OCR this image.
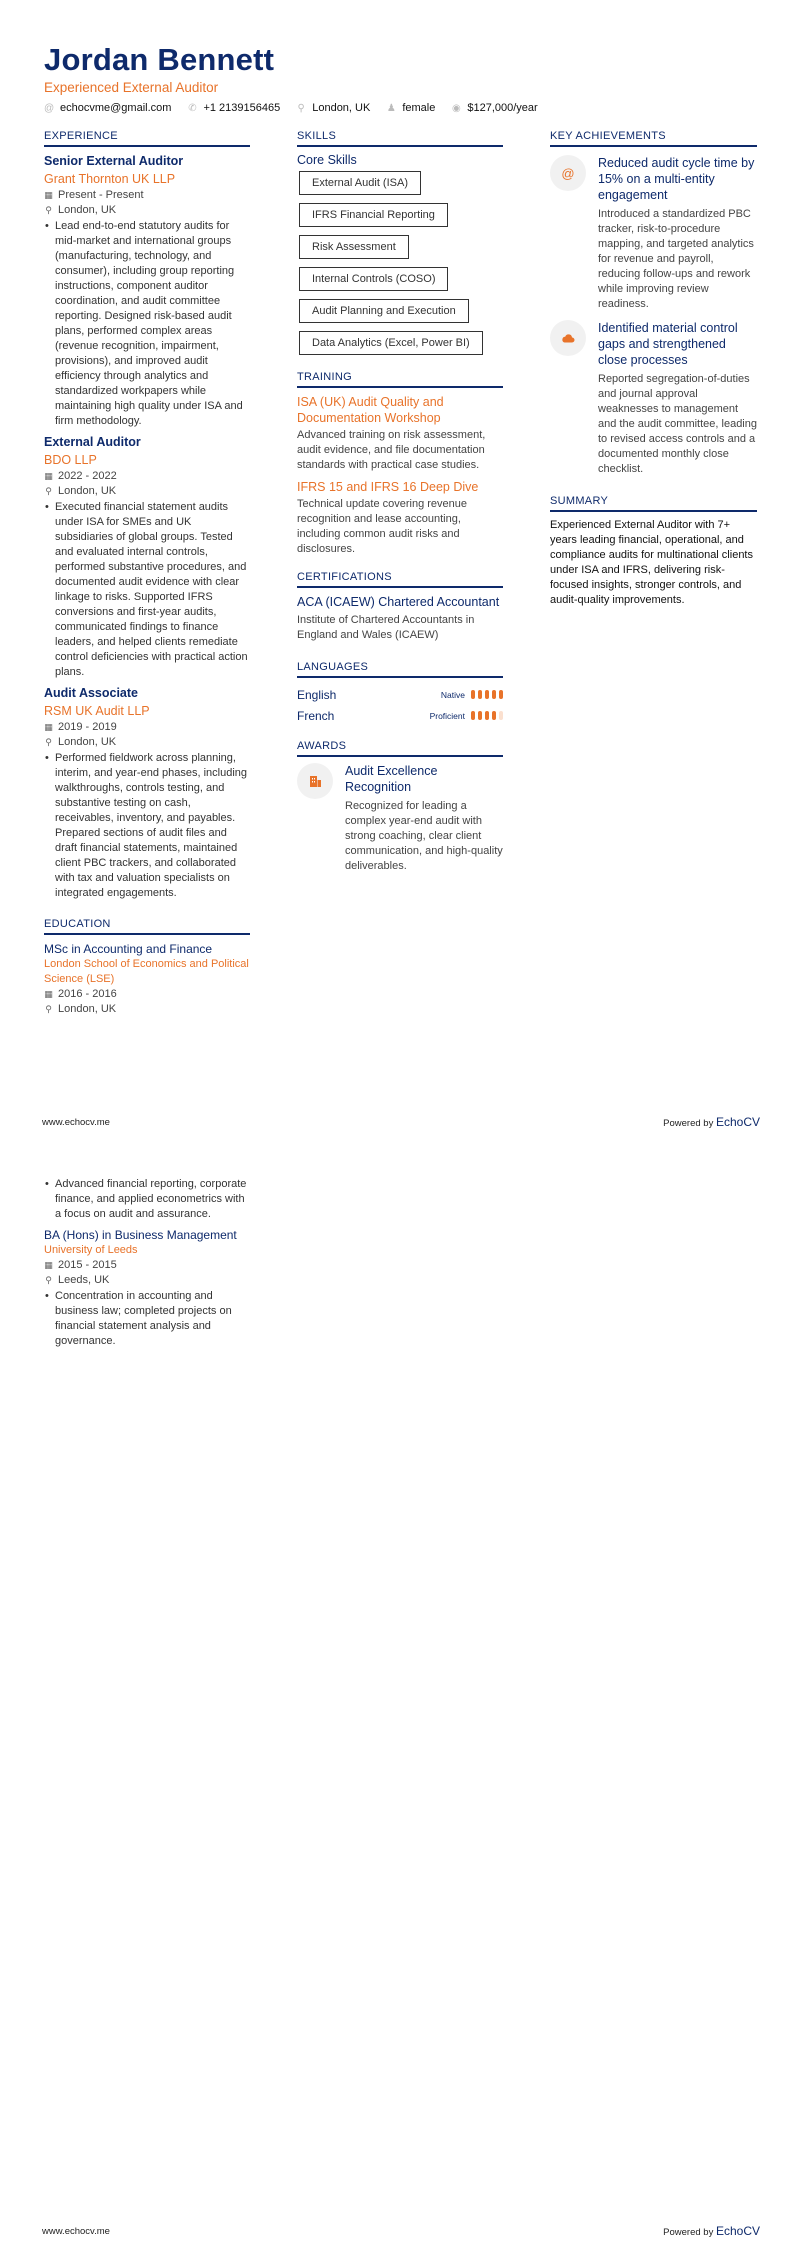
Jordan Bennett
Experienced External Auditor
@ echocvme@gmail.com ✆ +1 2139156465 ⚲ London, UK ♟ female ◉ $127,000/year
EXPERIENCE
Senior External Auditor
Grant Thornton UK LLP
▦ Present - Present
⚲ London, UK
• Lead end-to-end statutory audits for mid-market and international groups (manufacturing, technology, and consumer), including group reporting instructions, component auditor coordination, and audit committee reporting. Designed risk-based audit plans, performed complex areas (revenue recognition, impairment, provisions), and improved audit efficiency through analytics and standardized workpapers while maintaining high quality under ISA and firm methodology.
External Auditor
BDO LLP
▦ 2022 - 2022
⚲ London, UK
• Executed financial statement audits under ISA for SMEs and UK subsidiaries of global groups. Tested and evaluated internal controls, performed substantive procedures, and documented audit evidence with clear linkage to risks. Supported IFRS conversions and first-year audits, communicated findings to finance leaders, and helped clients remediate control deficiencies with practical action plans.
Audit Associate
RSM UK Audit LLP
▦ 2019 - 2019
⚲ London, UK
• Performed fieldwork across planning, interim, and year-end phases, including walkthroughs, controls testing, and substantive testing on cash, receivables, inventory, and payables. Prepared sections of audit files and draft financial statements, maintained client PBC trackers, and collaborated with tax and valuation specialists on integrated engagements.
EDUCATION
MSc in Accounting and Finance
London School of Economics and Political Science (LSE)
▦ 2016 - 2016
⚲ London, UK
SKILLS
Core Skills
External Audit (ISA)
IFRS Financial Reporting
Risk Assessment
Internal Controls (COSO)
Audit Planning and Execution
Data Analytics (Excel, Power BI)
TRAINING
ISA (UK) Audit Quality and Documentation Workshop
Advanced training on risk assessment, audit evidence, and file documentation standards with practical case studies.
IFRS 15 and IFRS 16 Deep Dive
Technical update covering revenue recognition and lease accounting, including common audit risks and disclosures.
CERTIFICATIONS
ACA (ICAEW) Chartered Accountant
Institute of Chartered Accountants in England and Wales (ICAEW)
LANGUAGES
English	Native
French	Proficient
AWARDS
Audit Excellence Recognition
Recognized for leading a complex year-end audit with strong coaching, clear client communication, and high-quality deliverables.
KEY ACHIEVEMENTS
@
Reduced audit cycle time by 15% on a multi-entity engagement
Introduced a standardized PBC tracker, risk-to-procedure mapping, and targeted analytics for revenue and payroll, reducing follow-ups and rework while improving review readiness.
Identified material control gaps and strengthened close processes
Reported segregation-of-duties and journal approval weaknesses to management and the audit committee, leading to revised access controls and a documented monthly close checklist.
SUMMARY
Experienced External Auditor with 7+ years leading financial, operational, and compliance audits for multinational clients under ISA and IFRS, delivering risk-focused insights, stronger controls, and audit-quality improvements.
www.echocv.me	Powered by EchoCV
• Advanced financial reporting, corporate finance, and applied econometrics with a focus on audit and assurance.
BA (Hons) in Business Management
University of Leeds
▦ 2015 - 2015
⚲ Leeds, UK
• Concentration in accounting and business law; completed projects on financial statement analysis and governance.
www.echocv.me	Powered by EchoCV
